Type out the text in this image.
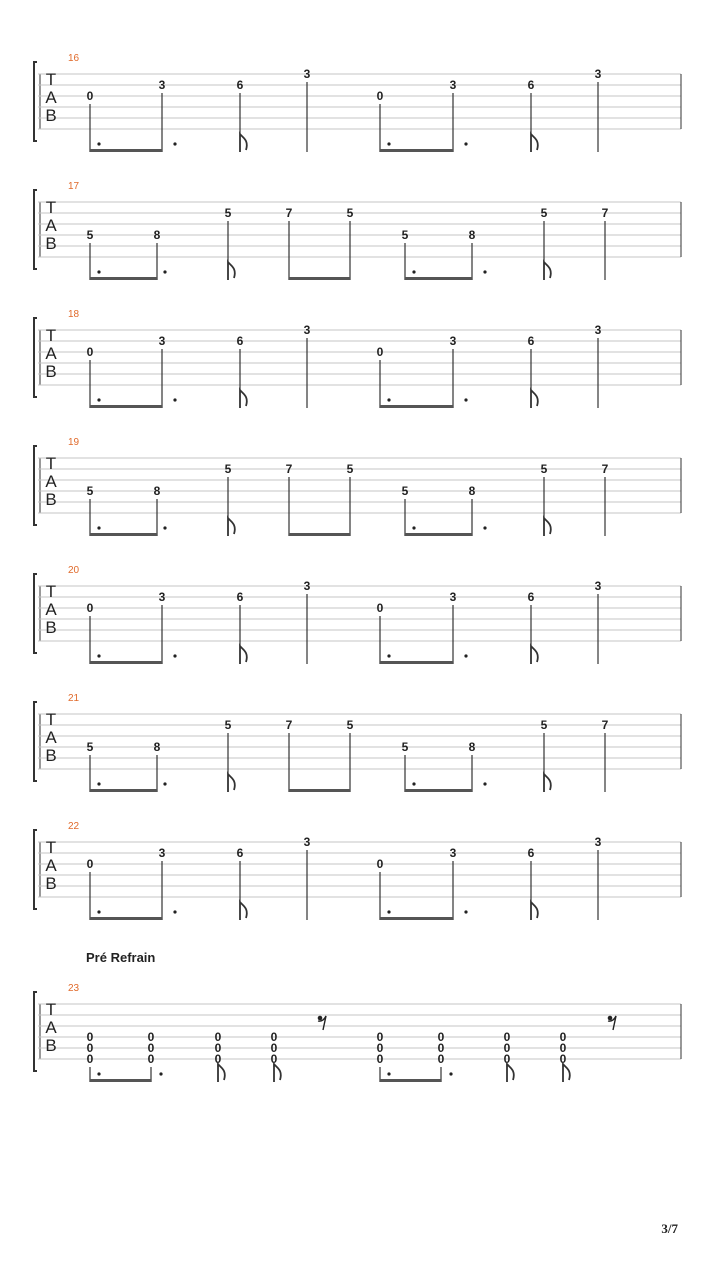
16
T
A
B
0
3	6
3
0
3	6
3
17
T
A
B 5	8
5	7	5
5	8
5	7
18
T
A
B
0
3	6
3
0
3	6
3
19
T
A
B 5	8
5	7	5
5	8
5	7
20
T
A
B
0
3	6
3
0
3	6
3
21
T
A
B 5	8
5	7	5
5	8
5	7
22
T
A
B
0
3	6
3
0
3	6
3
Pré Refrain
23
T
A
B 0
0
0
0
0
0
0
0
0
0
0
0
0
0
0
0
0
0
0
0
0
0
0
0
3/7
